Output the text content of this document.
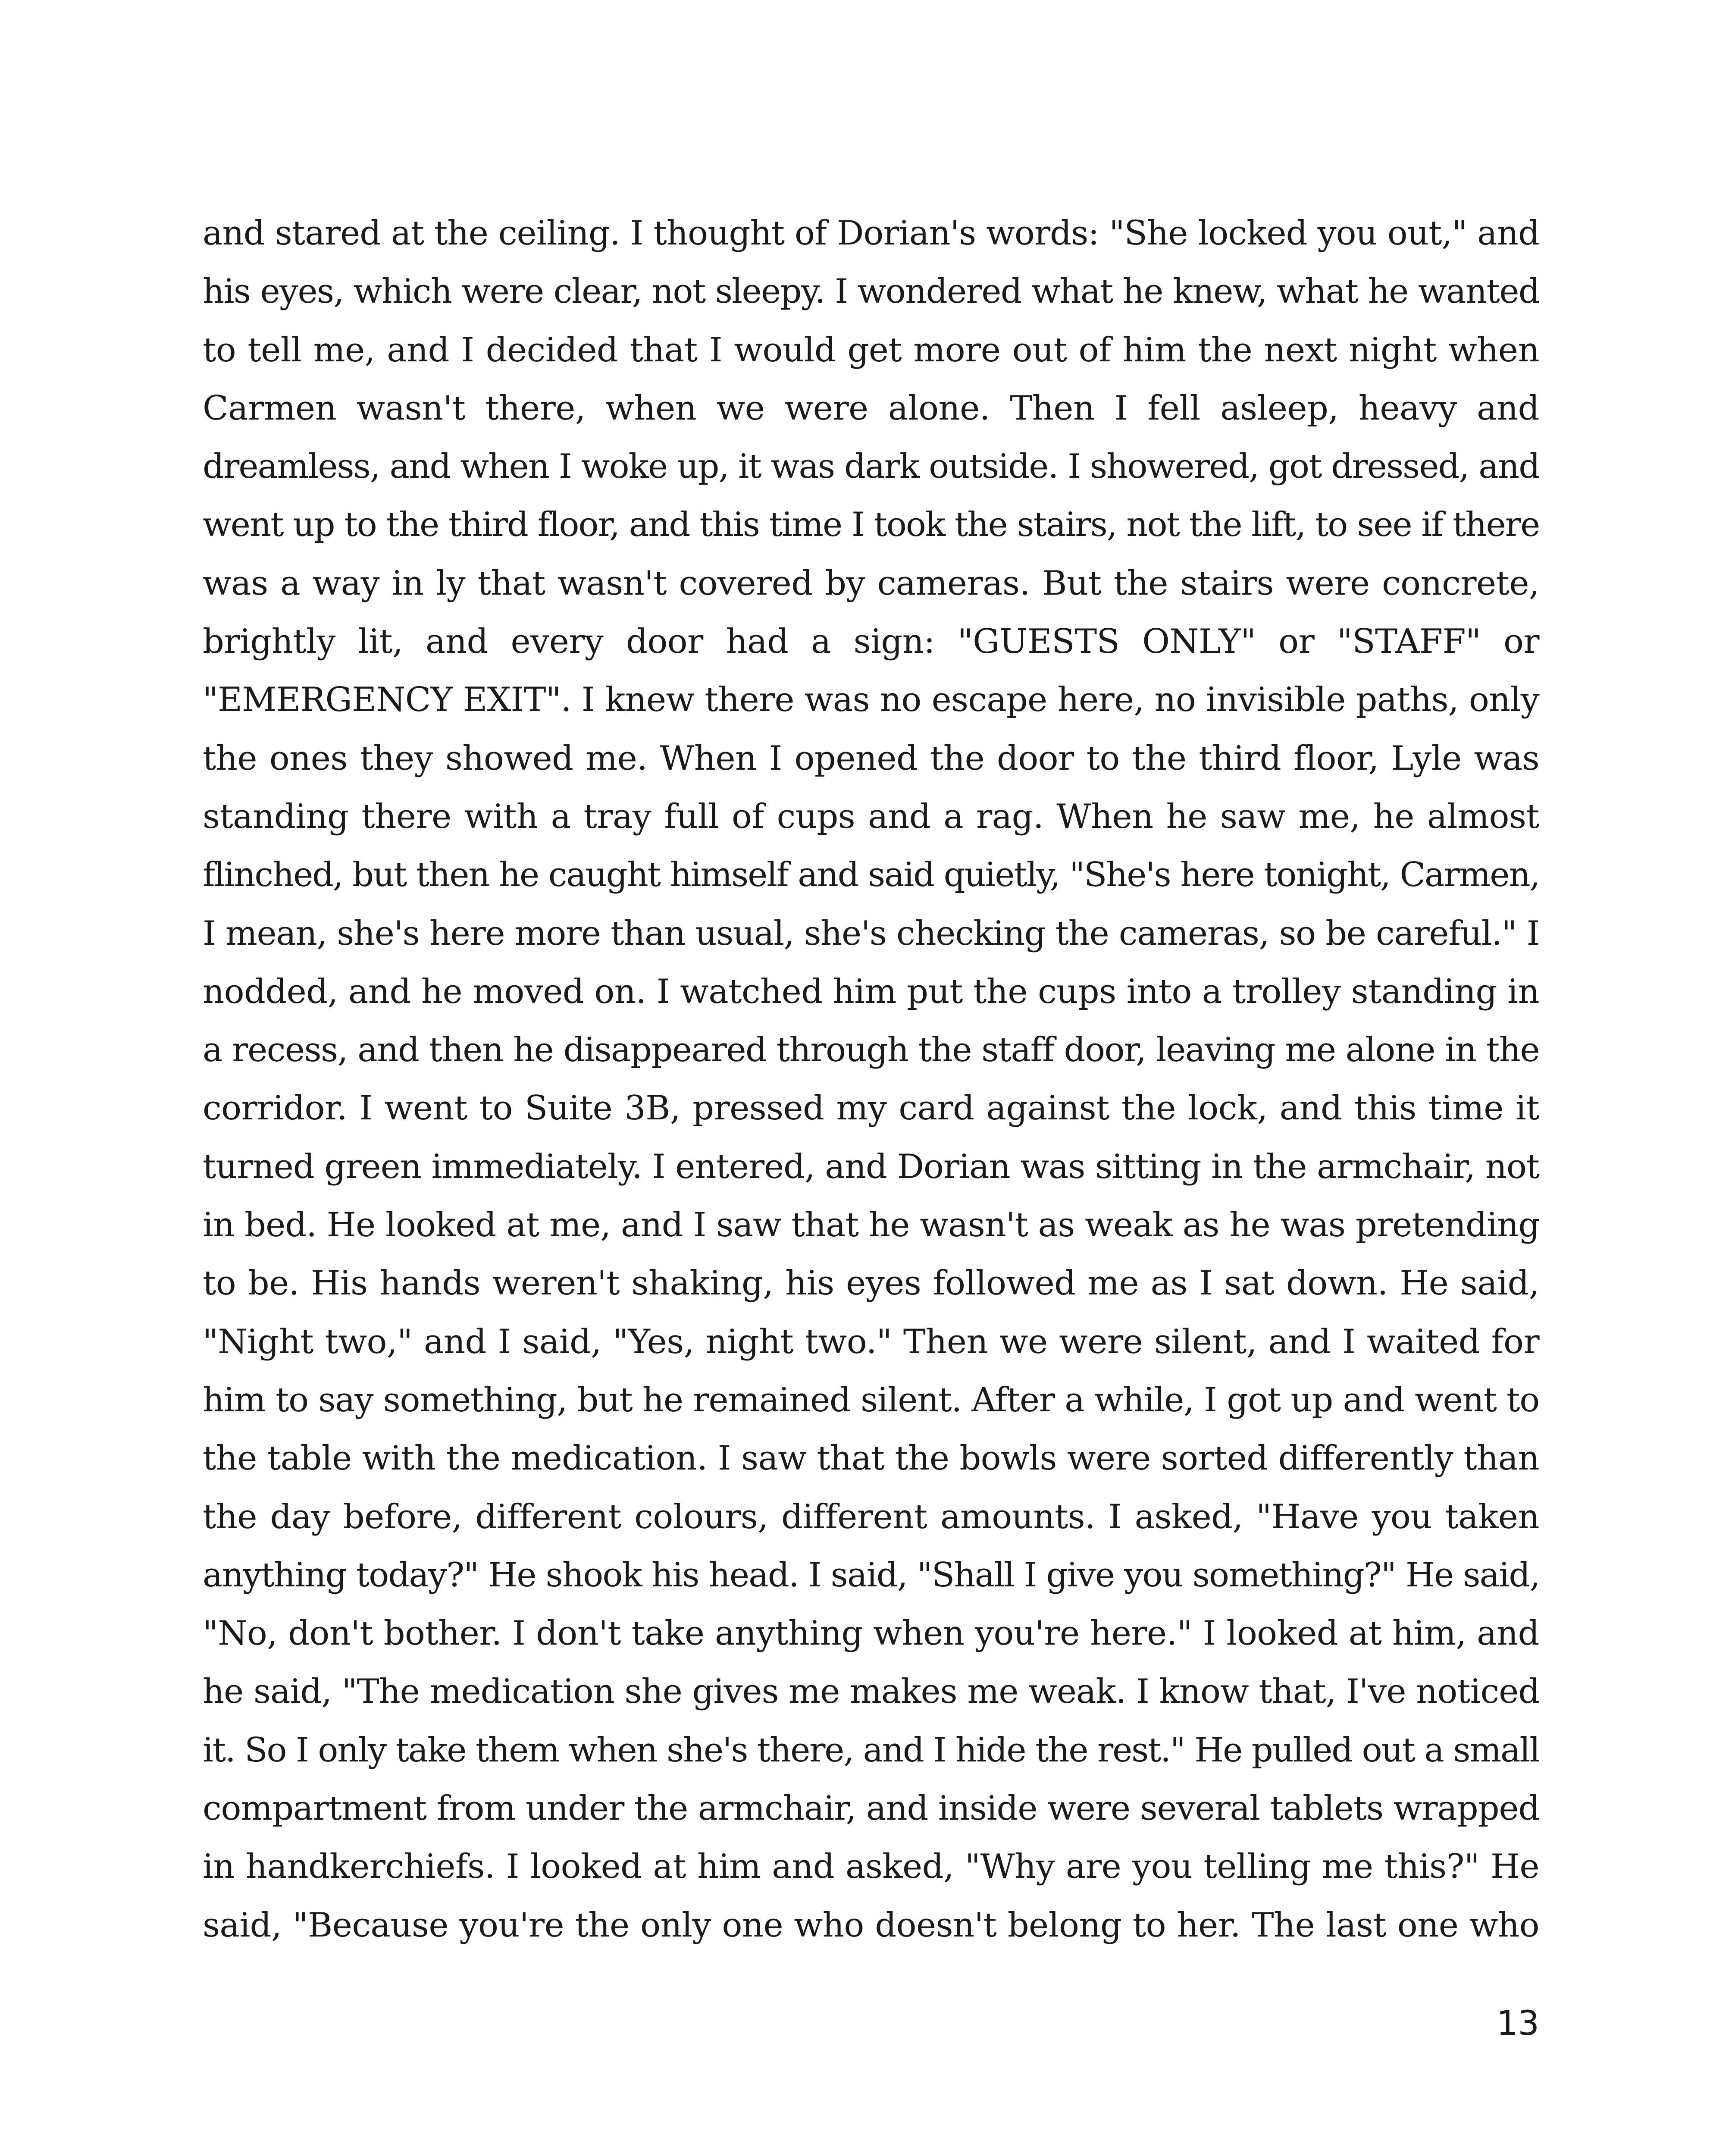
and stared at the ceiling. I thought of Dorian's words: "She locked you out," and
his eyes, which were clear, not sleepy. I wondered what he knew, what he wanted
to tell me, and I decided that I would get more out of him the next night when
Carmen wasn't there, when we were alone. Then I fell asleep, heavy and
dreamless, and when I woke up, it was dark outside. I showered, got dressed, and
went up to the third floor, and this time I took the stairs, not the lift, to see if there
was a way in ly that wasn't covered by cameras. But the stairs were concrete,
brightly lit, and every door had a sign: "GUESTS ONLY" or "STAFF" or
"EMERGENCY EXIT". I knew there was no escape here, no invisible paths, only
the ones they showed me. When I opened the door to the third floor, Lyle was
standing there with a tray full of cups and a rag. When he saw me, he almost
flinched, but then he caught himself and said quietly, "She's here tonight, Carmen,
I mean, she's here more than usual, she's checking the cameras, so be careful." I
nodded, and he moved on. I watched him put the cups into a trolley standing in
a recess, and then he disappeared through the staff door, leaving me alone in the
corridor. I went to Suite 3B, pressed my card against the lock, and this time it
turned green immediately. I entered, and Dorian was sitting in the armchair, not
in bed. He looked at me, and I saw that he wasn't as weak as he was pretending
to be. His hands weren't shaking, his eyes followed me as I sat down. He said,
"Night two," and I said, "Yes, night two." Then we were silent, and I waited for
him to say something, but he remained silent. After a while, I got up and went to
the table with the medication. I saw that the bowls were sorted differently than
the day before, different colours, different amounts. I asked, "Have you taken
anything today?" He shook his head. I said, "Shall I give you something?" He said,
"No, don't bother. I don't take anything when you're here." I looked at him, and
he said, "The medication she gives me makes me weak. I know that, I've noticed
it. So I only take them when she's there, and I hide the rest." He pulled out a small
compartment from under the armchair, and inside were several tablets wrapped
in handkerchiefs. I looked at him and asked, "Why are you telling me this?" He
said, "Because you're the only one who doesn't belong to her. The last one who

13
